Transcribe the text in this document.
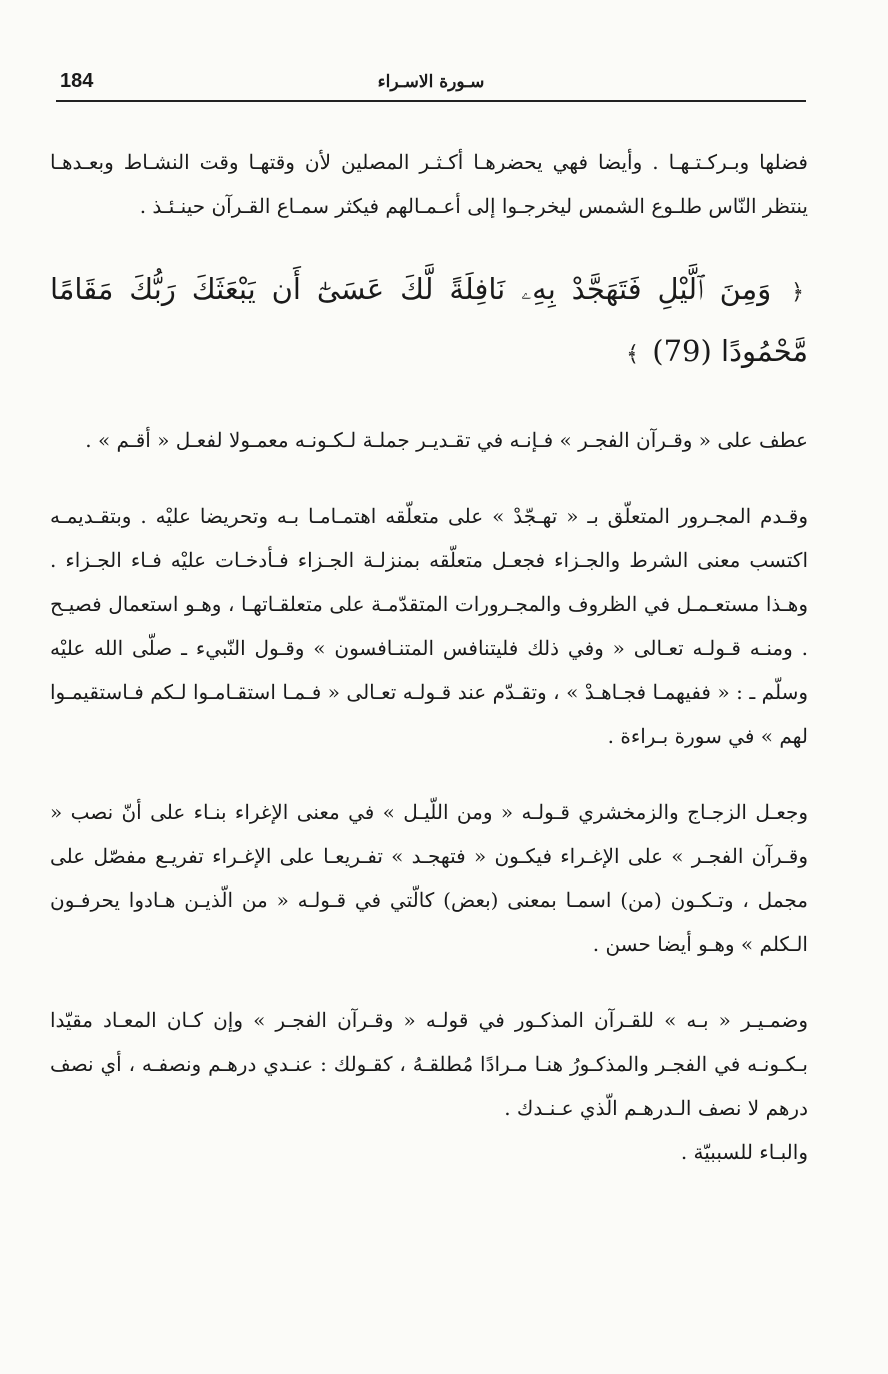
184	سـورة الاسـراء

فضلها وبـركـتـهـا . وأيضا فهي يحضرهـا أكـثـر المصلين لأن وقتهـا وقت النشـاط وبعـدهـا ينتظر النّاس طلـوع الشمس ليخرجـوا إلى أعـمـالهم فيكثر سمـاع القـرآن حينـئـذ .

﴿ وَمِنَ ٱلَّيْلِ فَتَهَجَّدْ بِهِۦ نَافِلَةً لَّكَ عَسَىٰٓ أَن يَبْعَثَكَ رَبُّكَ مَقَامًا مَّحْمُودًا (79) ﴾

عطف على « وقـرآن الفجـر » فـإنـه في تقـديـر جملـة لـكـونـه معمـولا لفعـل « أقـم » .

وقـدم المجـرور المتعلّق بـ « تهـجّدْ » على متعلّقه اهتمـامـا بـه وتحريضا عليْه . وبتقـديمـه اكتسب معنى الشرط والجـزاء فجعـل متعلّقه بمنزلـة الجـزاء فـأدخـات عليْه فـاء الجـزاء . وهـذا مستعـمـل في الظروف والمجـرورات المتقدّمـة على متعلقـاتهـا ، وهـو استعمال فصيـح . ومنـه قـولـه تعـالى « وفي ذلك فليتنافس المتنـافسون » وقـول النّبيء ـ صلّى الله عليْه وسلّم ـ : « ففيهمـا فجـاهـدْ » ، وتقـدّم عند قـولـه تعـالى « فـمـا استقـامـوا لـكم فـاستقيمـوا لهم » في سورة بـراءة .

وجعـل الزجـاج والزمخشري قـولـه « ومن اللّيـل » في معنى الإغراء بنـاء على أنّ نصب « وقـرآن الفجـر » على الإغـراء فيكـون « فتهجـد » تفـريعـا على الإغـراء تفريـع مفصّل على مجمل ، وتـكـون (من) اسمـا بمعنى (بعض) كالّتي في قـولـه « من الّذيـن هـادوا يحرفـون الـكلم » وهـو أيضا حسن .

وضمـيـر « بـه » للقـرآن المذكـور في قولـه « وقـرآن الفجـر » وإن كـان المعـاد مقيّدا بـكـونـه في الفجـر والمذكـورُ هنـا مـرادًا مُطلقـهُ ، كقـولك : عنـدي درهـم ونصفـه ، أي نصف درهم لا نصف الـدرهـم الّذي عـنـدك .

والبـاء للسببيّة .
